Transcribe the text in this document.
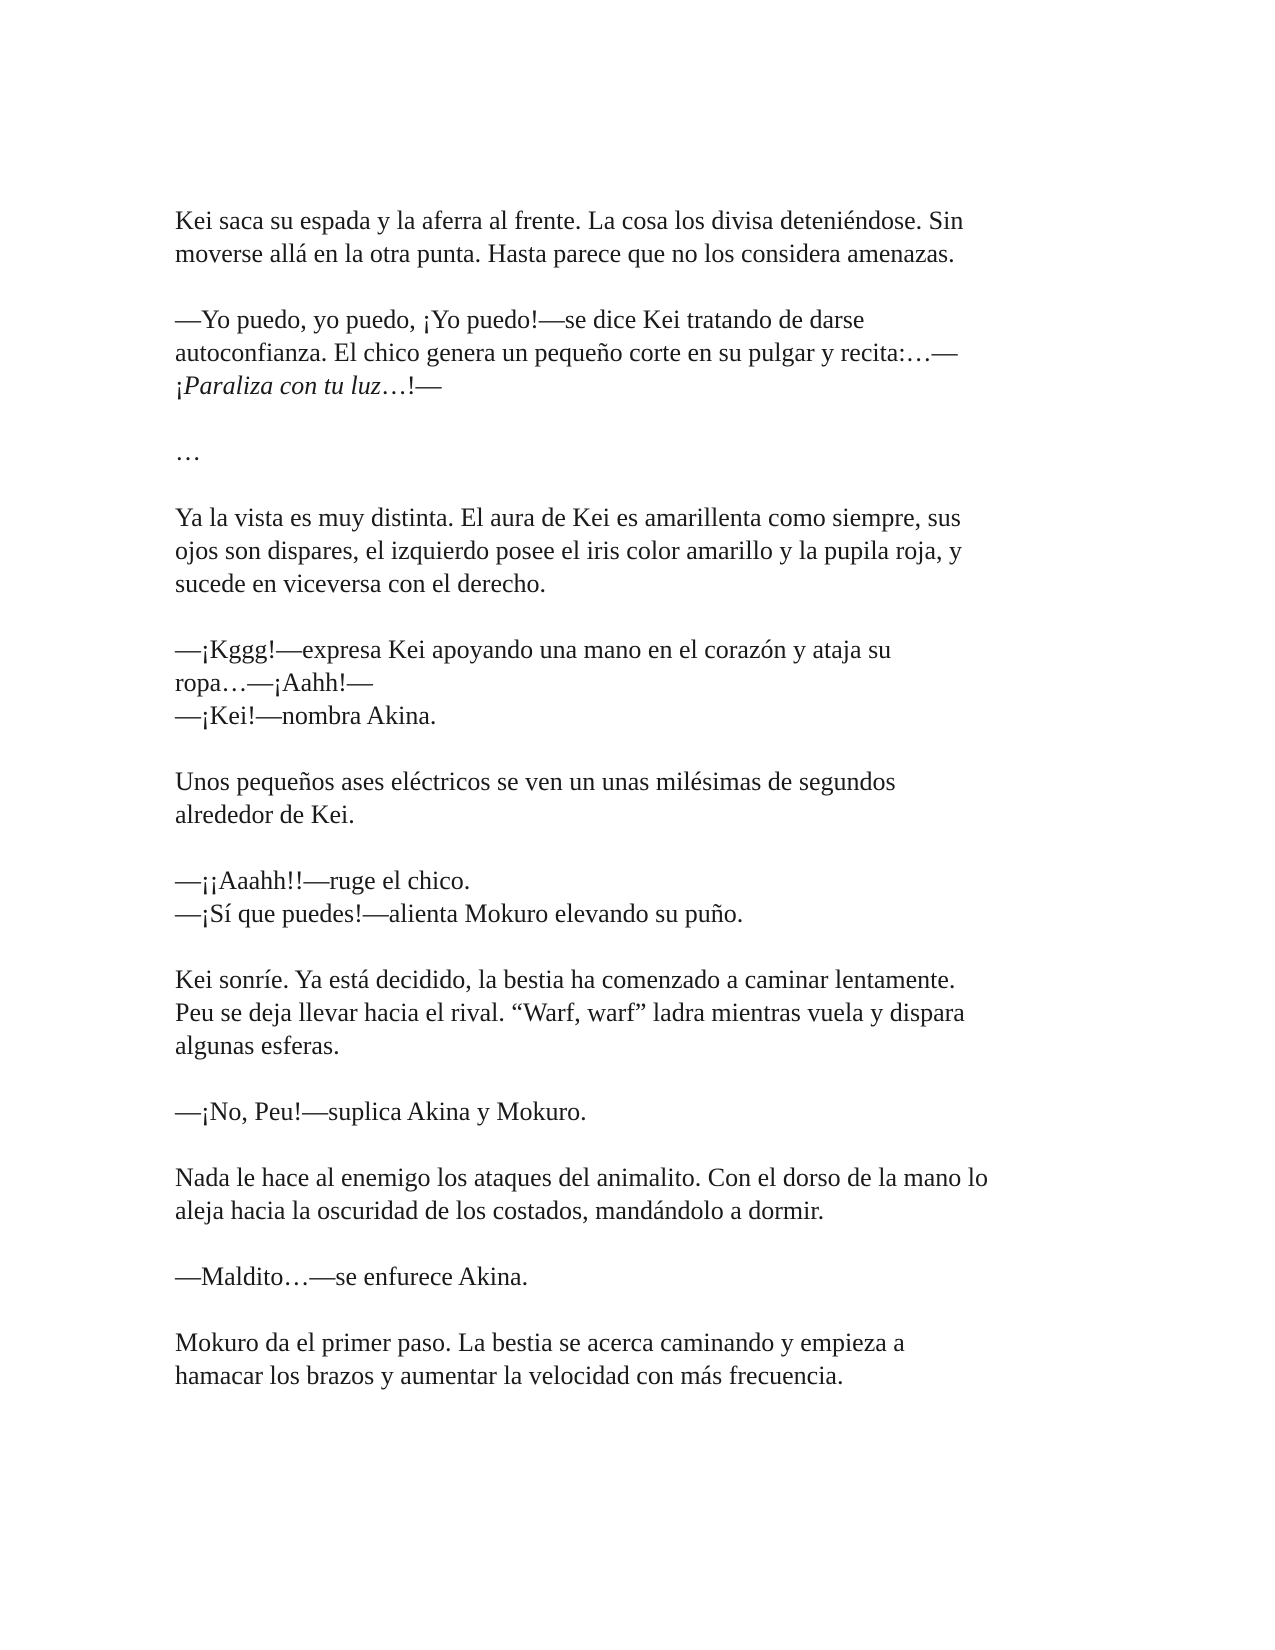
Kei saca su espada y la aferra al frente. La cosa los divisa deteniéndose. Sin
moverse allá en la otra punta. Hasta parece que no los considera amenazas.

—Yo puedo, yo puedo, ¡Yo puedo!—se dice Kei tratando de darse
autoconfianza. El chico genera un pequeño corte en su pulgar y recita:…—
¡Paraliza con tu luz…!—

…

Ya la vista es muy distinta. El aura de Kei es amarillenta como siempre, sus
ojos son dispares, el izquierdo posee el iris color amarillo y la pupila roja, y
sucede en viceversa con el derecho.

—¡Kggg!—expresa Kei apoyando una mano en el corazón y ataja su
ropa…—¡Aahh!—
—¡Kei!—nombra Akina.

Unos pequeños ases eléctricos se ven un unas milésimas de segundos
alrededor de Kei.

—¡¡Aaahh!!—ruge el chico.
—¡Sí que puedes!—alienta Mokuro elevando su puño.

Kei sonríe. Ya está decidido, la bestia ha comenzado a caminar lentamente.
Peu se deja llevar hacia el rival. “Warf, warf” ladra mientras vuela y dispara
algunas esferas.

—¡No, Peu!—suplica Akina y Mokuro.

Nada le hace al enemigo los ataques del animalito. Con el dorso de la mano lo
aleja hacia la oscuridad de los costados, mandándolo a dormir.

—Maldito…—se enfurece Akina.

Mokuro da el primer paso. La bestia se acerca caminando y empieza a
hamacar los brazos y aumentar la velocidad con más frecuencia.
